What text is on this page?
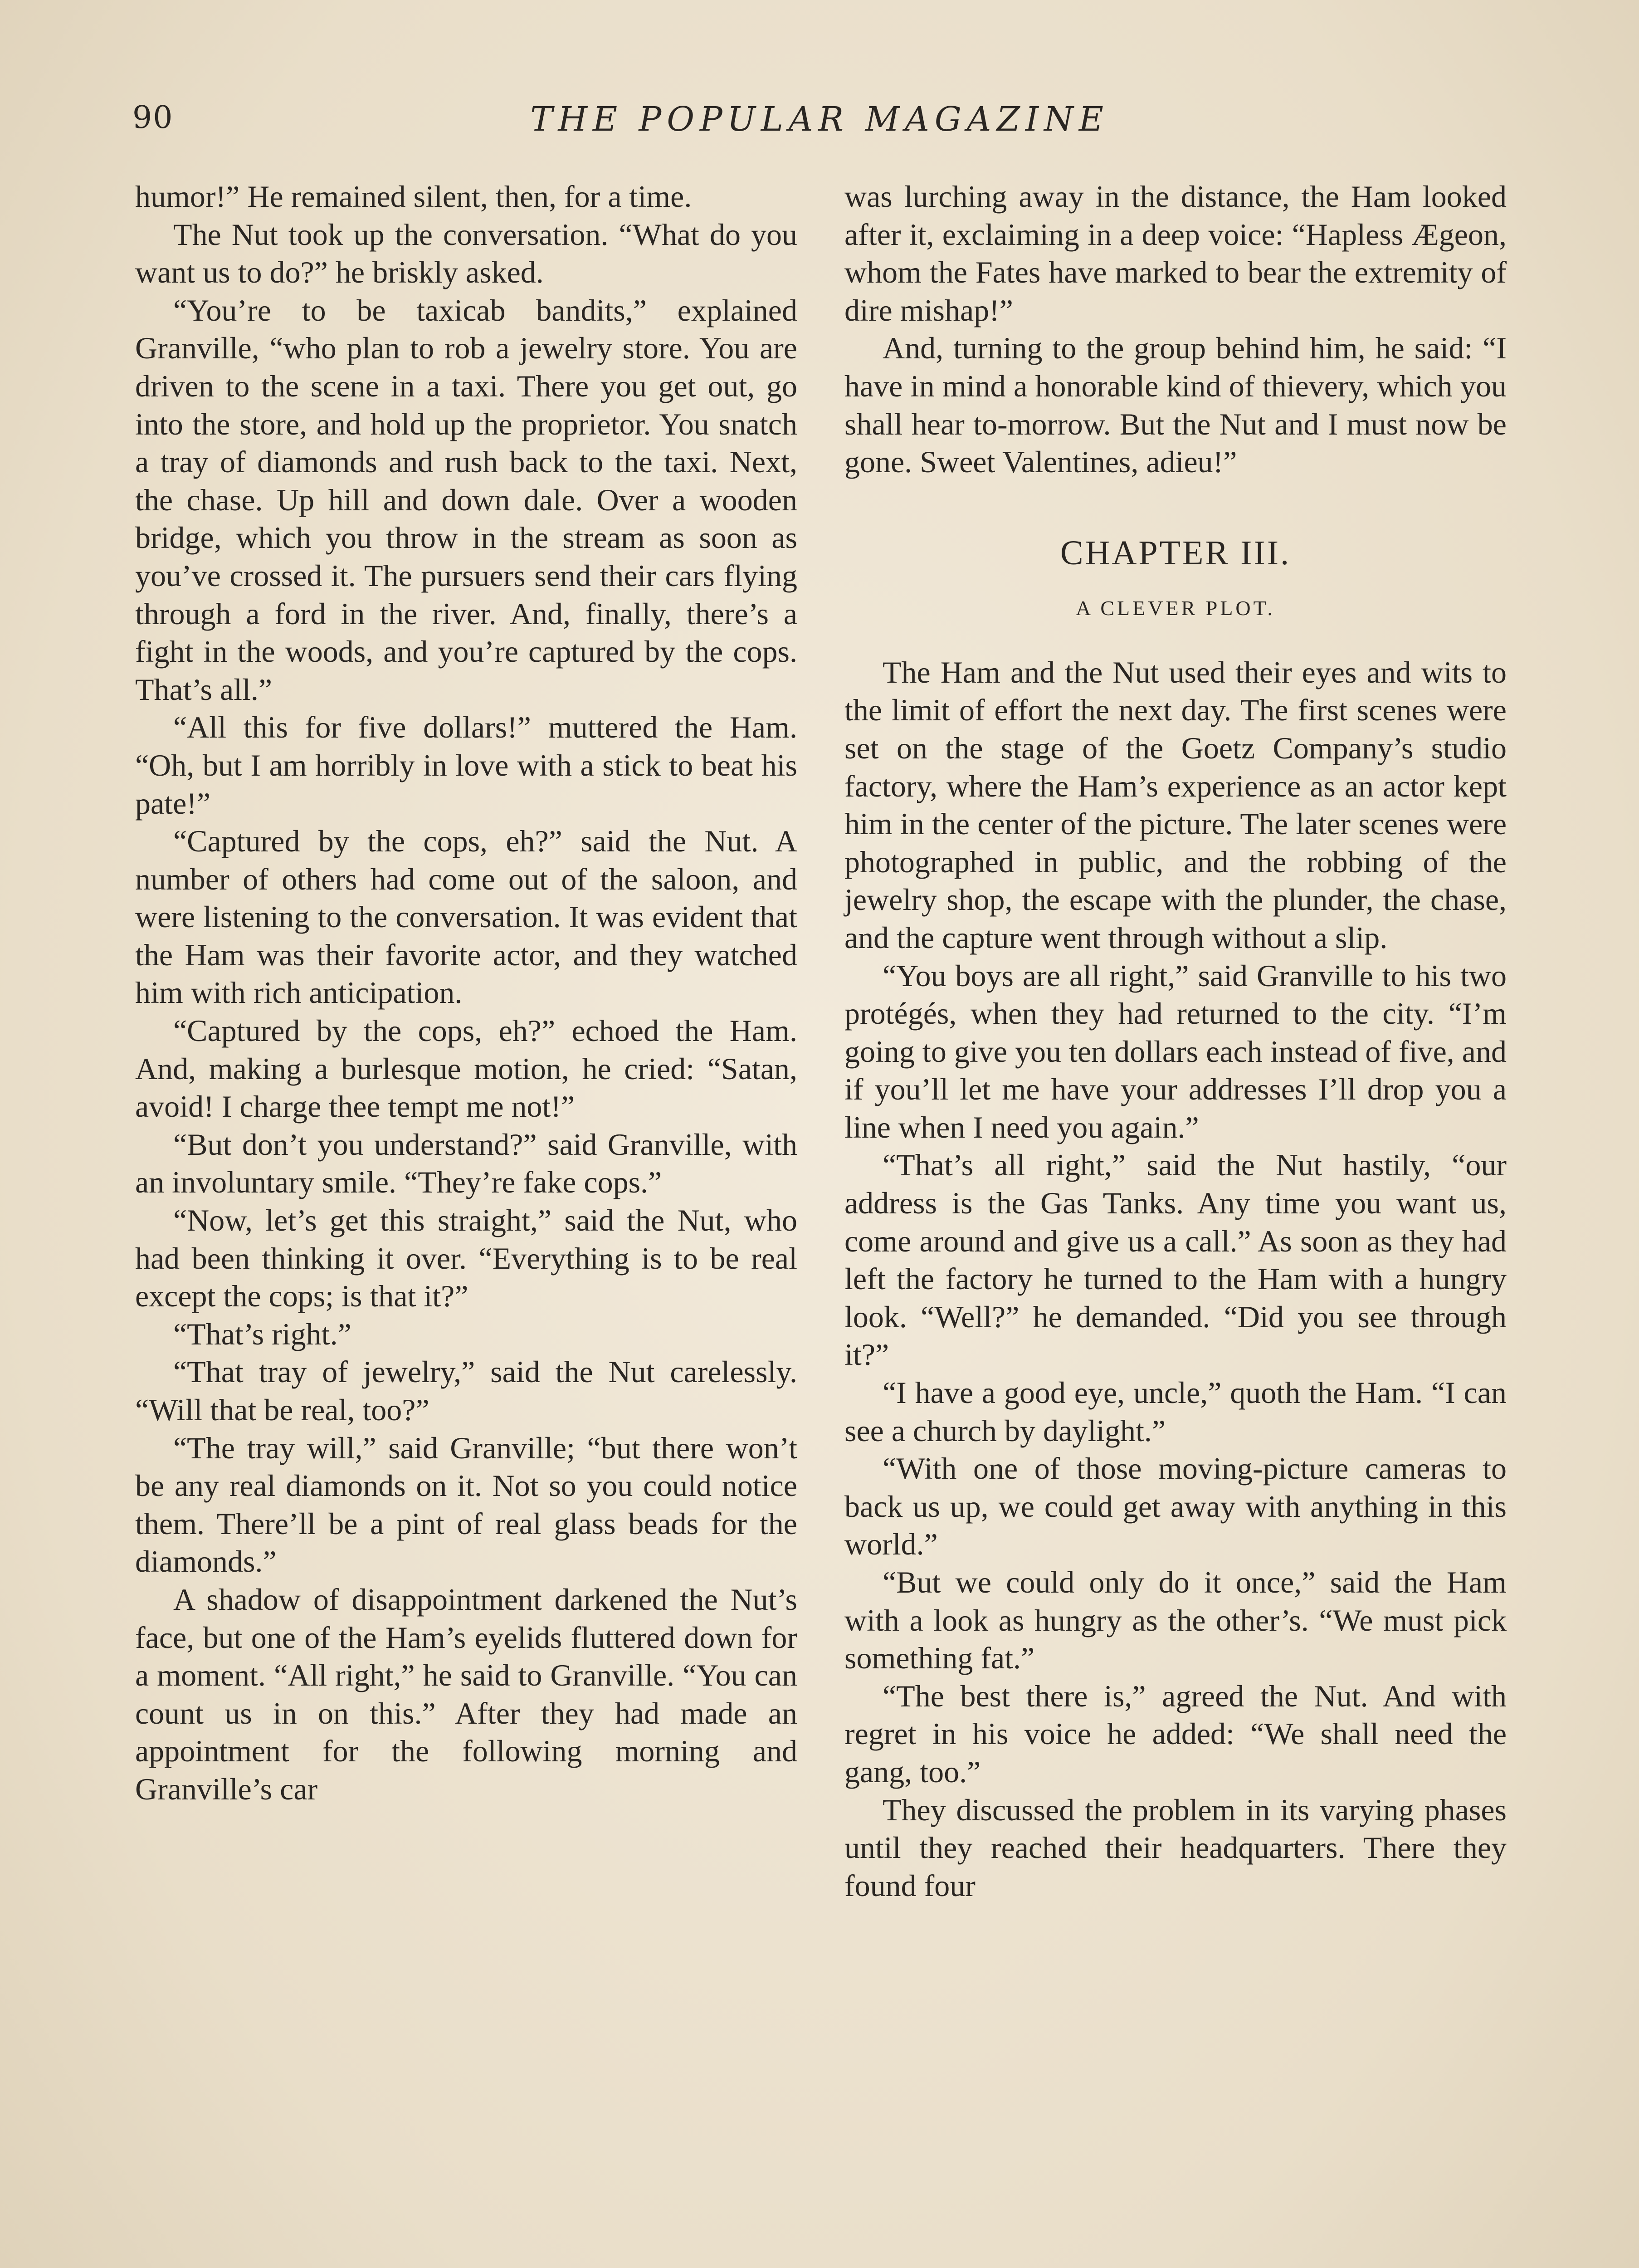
90	THE POPULAR MAGAZINE

humor!” He remained silent, then, for a time.

The Nut took up the conversation. “What do you want us to do?” he briskly asked.

“You’re to be taxicab bandits,” explained Granville, “who plan to rob a jewelry store. You are driven to the scene in a taxi. There you get out, go into the store, and hold up the proprietor. You snatch a tray of diamonds and rush back to the taxi. Next, the chase. Up hill and down dale. Over a wooden bridge, which you throw in the stream as soon as you’ve crossed it. The pursuers send their cars flying through a ford in the river. And, finally, there’s a fight in the woods, and you’re captured by the cops. That’s all.”

“All this for five dollars!” muttered the Ham. “Oh, but I am horribly in love with a stick to beat his pate!”

“Captured by the cops, eh?” said the Nut. A number of others had come out of the saloon, and were listening to the conversation. It was evident that the Ham was their favorite actor, and they watched him with rich anticipation.

“Captured by the cops, eh?” echoed the Ham. And, making a burlesque motion, he cried: “Satan, avoid! I charge thee tempt me not!”

“But don’t you understand?” said Granville, with an involuntary smile. “They’re fake cops.”

“Now, let’s get this straight,” said the Nut, who had been thinking it over. “Everything is to be real except the cops; is that it?”

“That’s right.”

“That tray of jewelry,” said the Nut carelessly. “Will that be real, too?”

“The tray will,” said Granville; “but there won’t be any real diamonds on it. Not so you could notice them. There’ll be a pint of real glass beads for the diamonds.”

A shadow of disappointment darkened the Nut’s face, but one of the Ham’s eyelids fluttered down for a moment. “All right,” he said to Granville. “You can count us in on this.” After they had made an appointment for the following morning and Granville’s car

was lurching away in the distance, the Ham looked after it, exclaiming in a deep voice: “Hapless Ægeon, whom the Fates have marked to bear the extremity of dire mishap!”

And, turning to the group behind him, he said: “I have in mind a honorable kind of thievery, which you shall hear to-morrow. But the Nut and I must now be gone. Sweet Valentines, adieu!”

CHAPTER III.
A CLEVER PLOT.

The Ham and the Nut used their eyes and wits to the limit of effort the next day. The first scenes were set on the stage of the Goetz Company’s studio factory, where the Ham’s experience as an actor kept him in the center of the picture. The later scenes were photographed in public, and the robbing of the jewelry shop, the escape with the plunder, the chase, and the capture went through without a slip.

“You boys are all right,” said Granville to his two protégés, when they had returned to the city. “I’m going to give you ten dollars each instead of five, and if you’ll let me have your addresses I’ll drop you a line when I need you again.”

“That’s all right,” said the Nut hastily, “our address is the Gas Tanks. Any time you want us, come around and give us a call.” As soon as they had left the factory he turned to the Ham with a hungry look. “Well?” he demanded. “Did you see through it?”

“I have a good eye, uncle,” quoth the Ham. “I can see a church by daylight.”

“With one of those moving-picture cameras to back us up, we could get away with anything in this world.”

“But we could only do it once,” said the Ham with a look as hungry as the other’s. “We must pick something fat.”

“The best there is,” agreed the Nut. And with regret in his voice he added: “We shall need the gang, too.”

They discussed the problem in its varying phases until they reached their headquarters. There they found four
